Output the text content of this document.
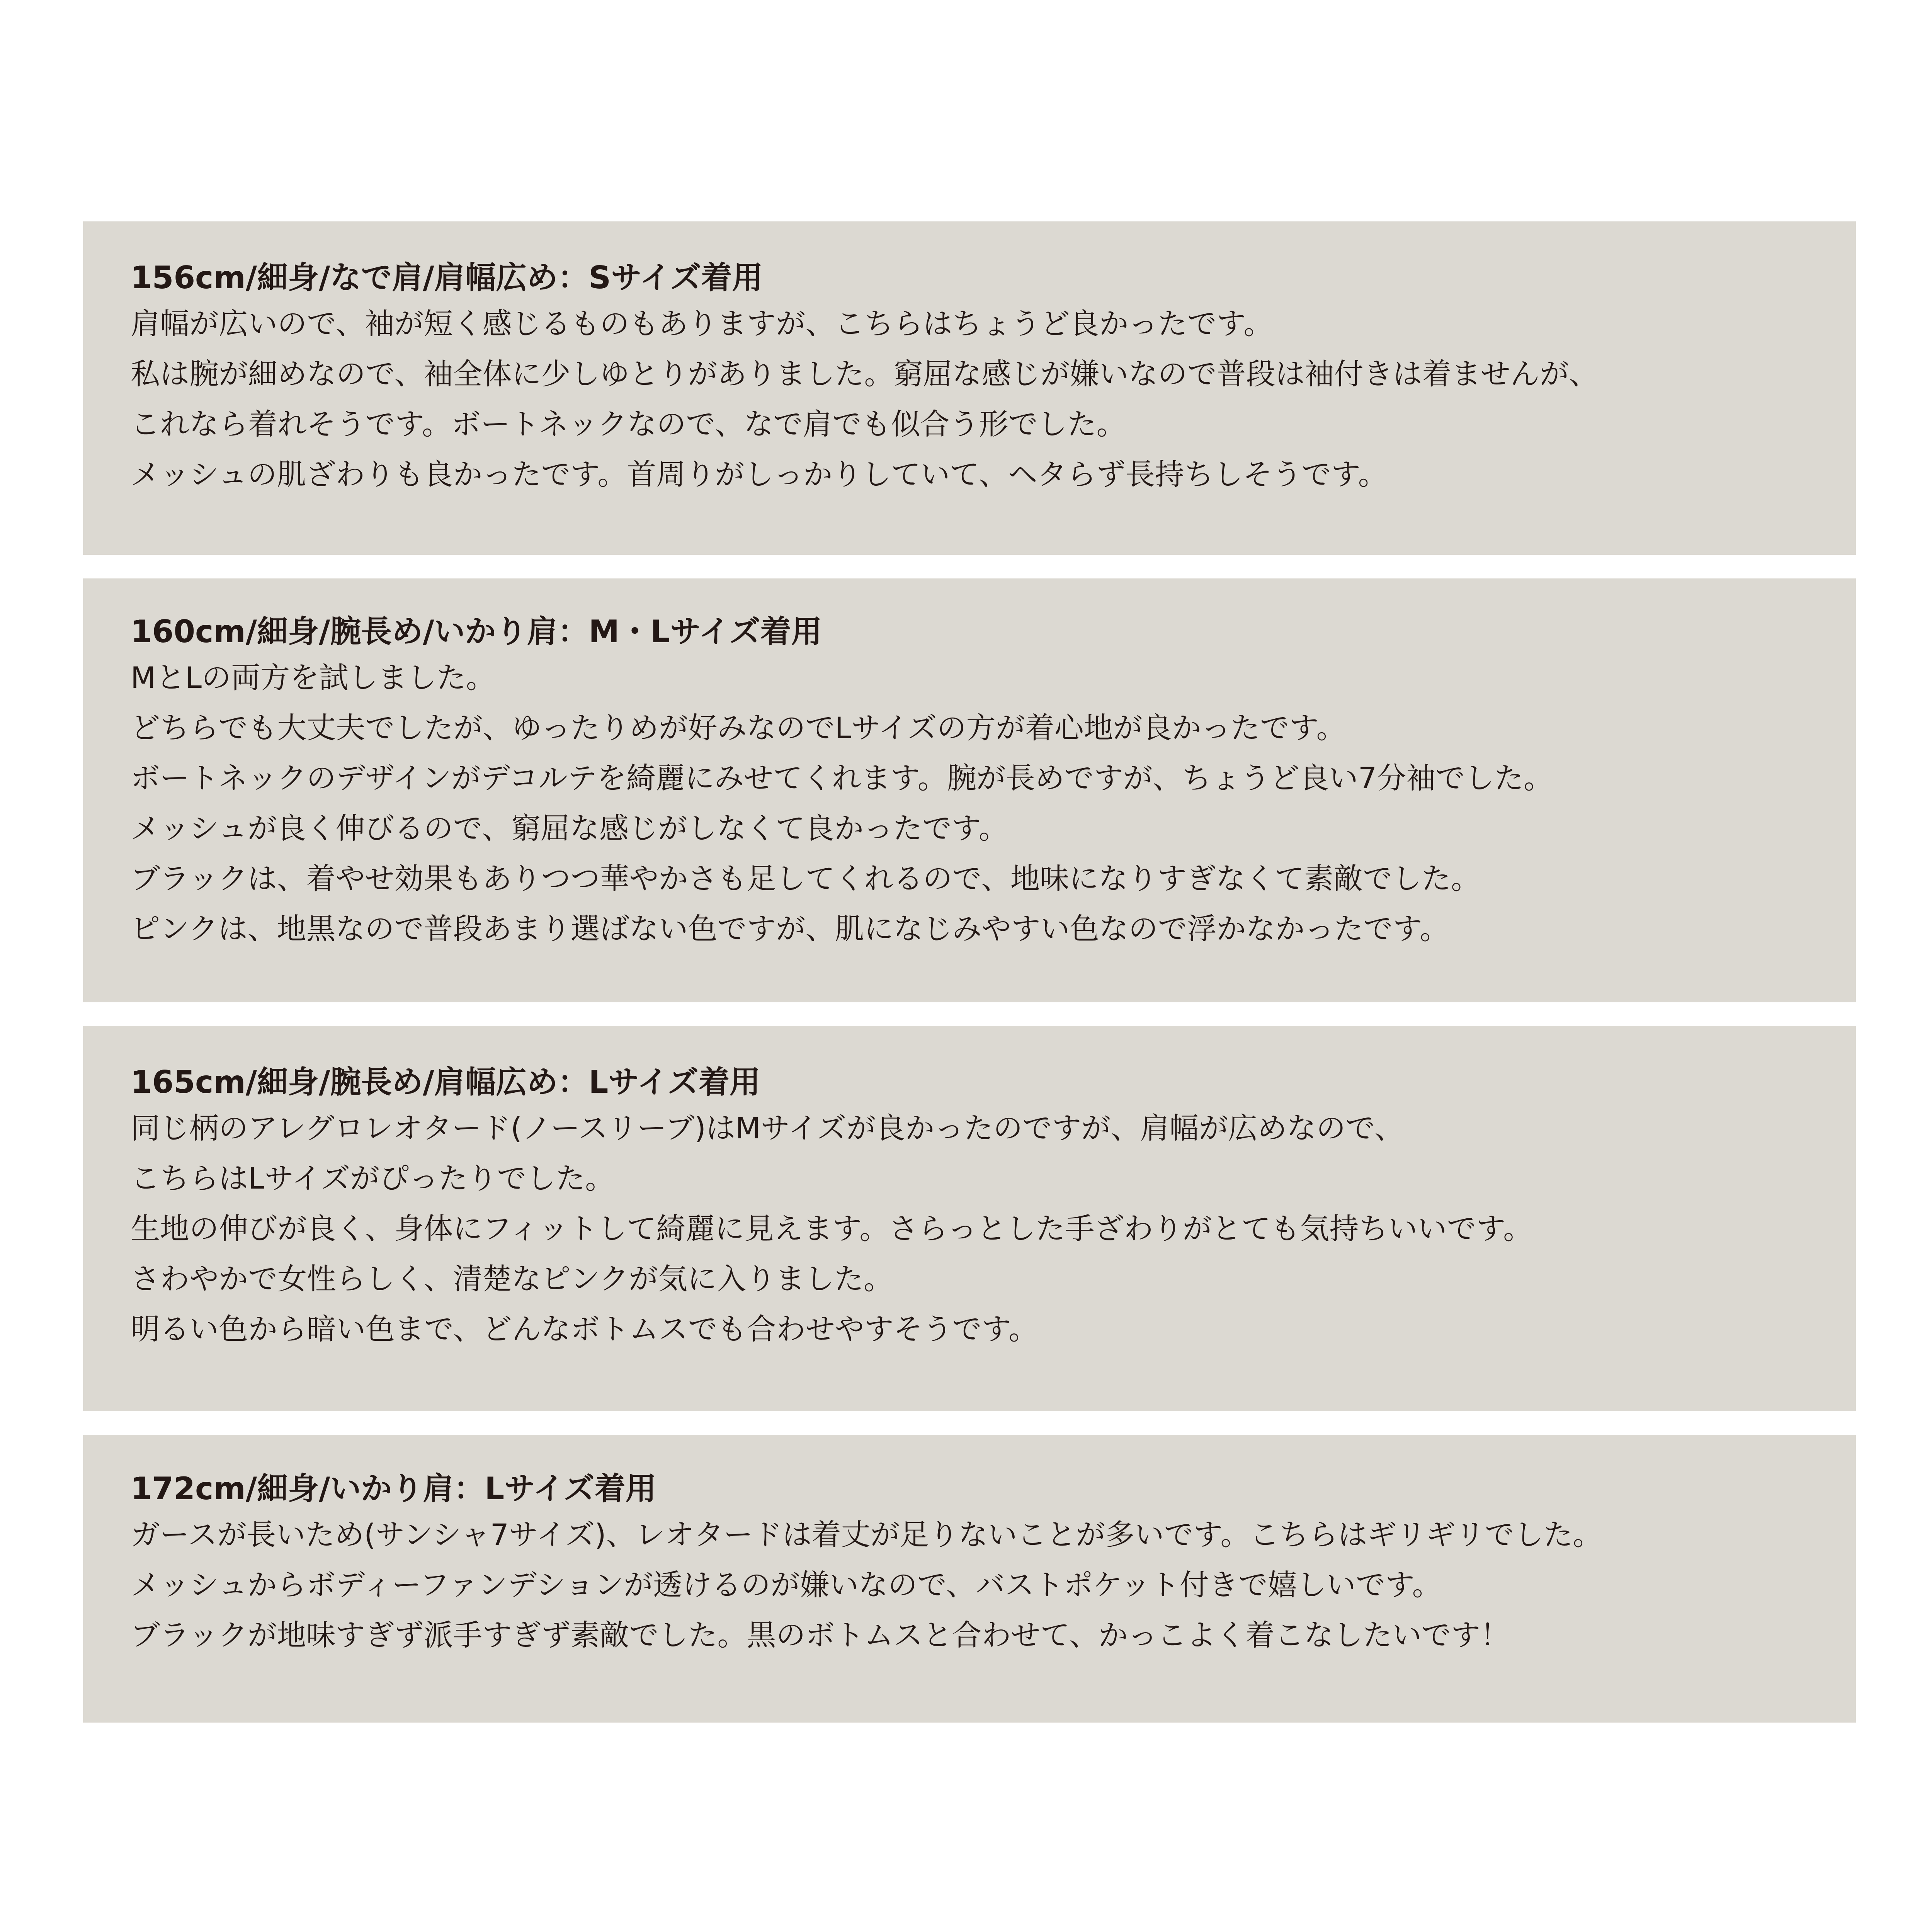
156cm/細身/なで肩/肩幅広め：Sサイズ着用
肩幅が広いので、袖が短く感じるものもありますが、こちらはちょうど良かったです。
私は腕が細めなので、袖全体に少しゆとりがありました。窮屈な感じが嫌いなので普段は袖付きは着ませんが、
これなら着れそうです。ボートネックなので、なで肩でも似合う形でした。
メッシュの肌ざわりも良かったです。首周りがしっかりしていて、ヘタらず長持ちしそうです。
160cm/細身/腕長め/いかり肩：M・Lサイズ着用
MとLの両方を試しました。
どちらでも大丈夫でしたが、ゆったりめが好みなのでLサイズの方が着心地が良かったです。
ボートネックのデザインがデコルテを綺麗にみせてくれます。腕が長めですが、ちょうど良い7分袖でした。
メッシュが良く伸びるので、窮屈な感じがしなくて良かったです。
ブラックは、着やせ効果もありつつ華やかさも足してくれるので、地味になりすぎなくて素敵でした。
ピンクは、地黒なので普段あまり選ばない色ですが、肌になじみやすい色なので浮かなかったです。
165cm/細身/腕長め/肩幅広め：Lサイズ着用
同じ柄のアレグロレオタード(ノースリーブ)はMサイズが良かったのですが、肩幅が広めなので、
こちらはLサイズがぴったりでした。
生地の伸びが良く、身体にフィットして綺麗に見えます。さらっとした手ざわりがとても気持ちいいです。
さわやかで女性らしく、清楚なピンクが気に入りました。
明るい色から暗い色まで、どんなボトムスでも合わせやすそうです。
172cm/細身/いかり肩：Lサイズ着用
ガースが長いため(サンシャ7サイズ)、レオタードは着丈が足りないことが多いです。こちらはギリギリでした。
メッシュからボディーファンデションが透けるのが嫌いなので、バストポケット付きで嬉しいです。
ブラックが地味すぎず派手すぎず素敵でした。黒のボトムスと合わせて、かっこよく着こなしたいです！
